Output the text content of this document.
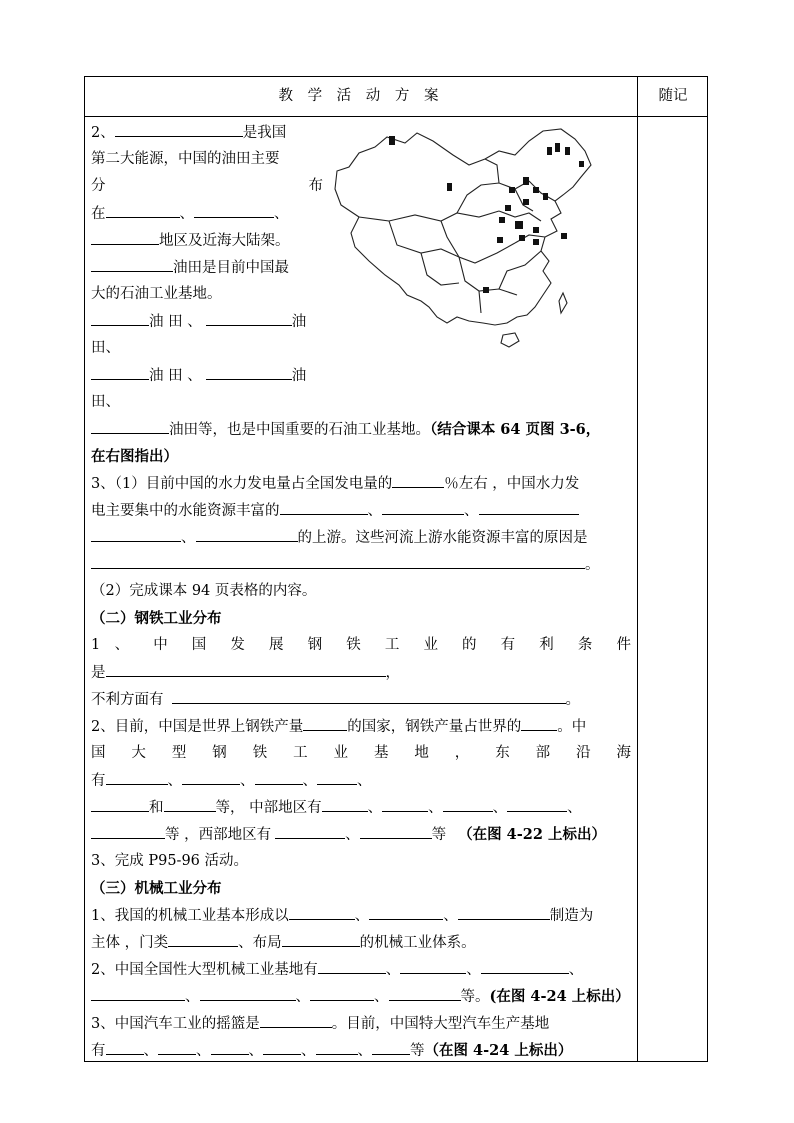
教 学 活 动 方 案	随记
2、	是我国
第二大能源，中国的油田主要
分	布
在	、	、
地区及近海大陆架。
油田是目前中国最
大的石油工业基地。
油 田 、	油
田、
油 田 、	油
田、
油田等，也是中国重要的石油工业基地。（结合课本 64 页图 3-6，
在右图指出）
3、（1）目前中国的水力发电量占全国发电量的	％左右 ，中国水力发
电主要集中的水能资源丰富的	、	、
、	的上游。这些河流上游水能资源丰富的原因是
。
（2）完成课本 94 页表格的内容。
（二）钢铁工业分布
1 、 中 国 发 展 钢 铁 工 业 的 有 利 条 件
是	，
不利方面有	。
2、目前，中国是世界上钢铁产量	的国家，钢铁产量占世界的 。中
国 大 型 钢 铁 工 业 基 地 ， 东 部 沿 海
有	、	、	、	、
和	等， 中部地区有	、	、	、	、
等 ，西部地区有	、	等 （在图 4-22 上标出）
3、完成 P95-96 活动。
（三）机械工业分布
1、我国的机械工业基本形成以	、	、	制造为
主体 ，门类	、布局	的机械工业体系。
2、中国全国性大型机械工业基地有	、	、	、
、	、	、	等。(在图 4-24 上标出）
3、中国汽车工业的摇篮是	。目前，中国特大型汽车生产基地
有	、	、	、	、	、	等（在图 4-24 上标出）
